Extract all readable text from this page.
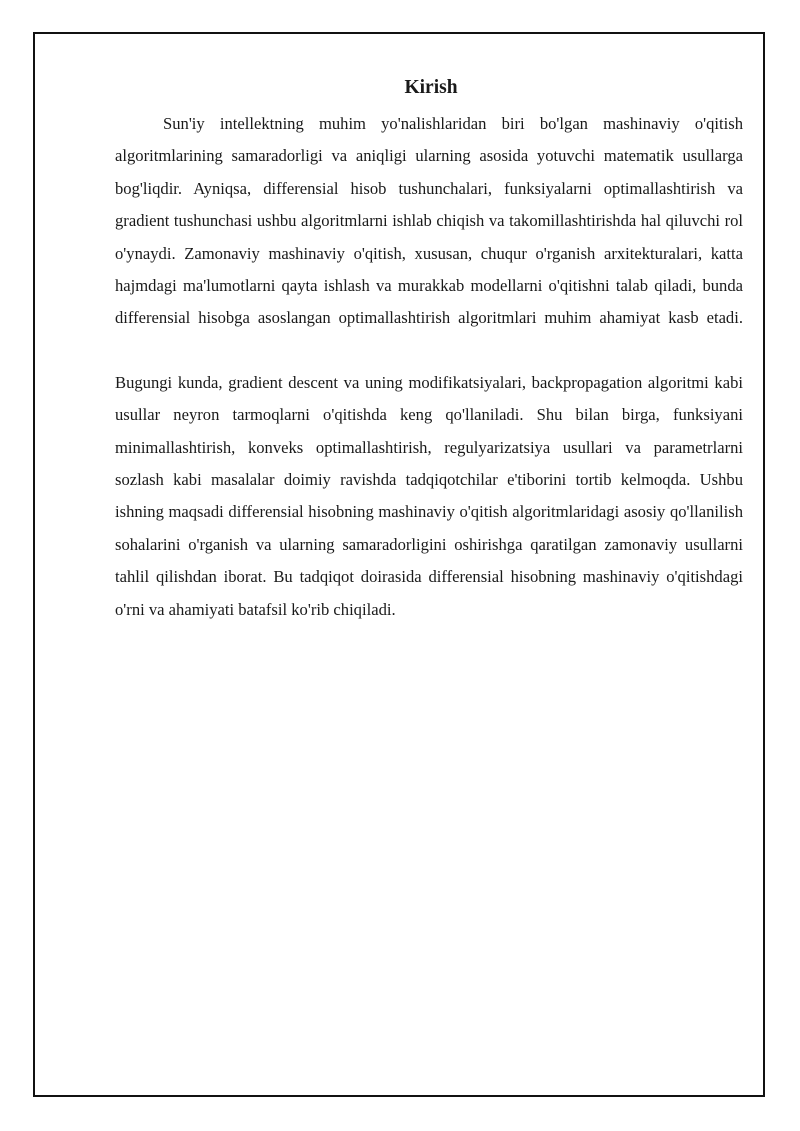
Kirish

Sun'iy intellektning muhim yo'nalishlaridan biri bo'lgan mashinaviy o'qitish algoritmlarining samaradorligi va aniqligi ularning asosida yotuvchi matematik usullarga bog'liqdir. Ayniqsa, differensial hisob tushunchalari, funksiyalarni optimallashtirish va gradient tushunchasi ushbu algoritmlarni ishlab chiqish va takomillashtirishda hal qiluvchi rol o'ynaydi. Zamonaviy mashinaviy o'qitish, xususan, chuqur o'rganish arxitekturalari, katta hajmdagi ma'lumotlarni qayta ishlash va murakkab modellarni o'qitishni talab qiladi, bunda differensial hisobga asoslangan optimallashtirish algoritmlari muhim ahamiyat kasb etadi.

Bugungi kunda, gradient descent va uning modifikatsiyalari, backpropagation algoritmi kabi usullar neyron tarmoqlarni o'qitishda keng qo'llaniladi. Shu bilan birga, funksiyani minimallashtirish, konveks optimallashtirish, regulyarizatsiya usullari va parametrlarni sozlash kabi masalalar doimiy ravishda tadqiqotchilar e'tiborini tortib kelmoqda. Ushbu ishning maqsadi differensial hisobning mashinaviy o'qitish algoritmlaridagi asosiy qo'llanilish sohalarini o'rganish va ularning samaradorligini oshirishga qaratilgan zamonaviy usullarni tahlil qilishdan iborat. Bu tadqiqot doirasida differensial hisobning mashinaviy o'qitishdagi o'rni va ahamiyati batafsil ko'rib chiqiladi.
